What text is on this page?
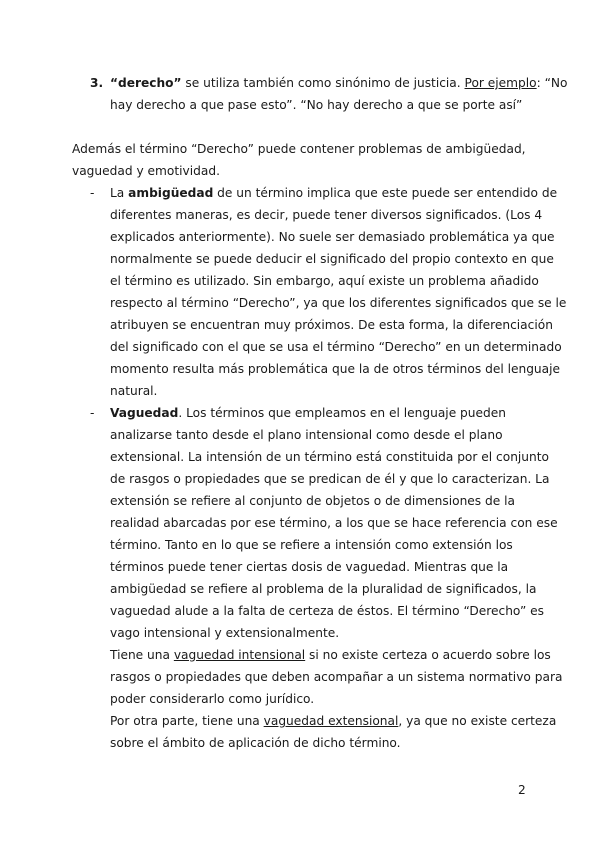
3. “derecho” se utiliza también como sinónimo de justicia. Por ejemplo: “No
hay derecho a que pase esto”. “No hay derecho a que se porte así”
Además el término “Derecho” puede contener problemas de ambigüedad,
vaguedad y emotividad.
-	La ambigüedad de un término implica que este puede ser entendido de
diferentes maneras, es decir, puede tener diversos significados. (Los 4
explicados anteriormente). No suele ser demasiado problemática ya que
normalmente se puede deducir el significado del propio contexto en que
el término es utilizado. Sin embargo, aquí existe un problema añadido
respecto al término “Derecho”, ya que los diferentes significados que se le
atribuyen se encuentran muy próximos. De esta forma, la diferenciación
del significado con el que se usa el término “Derecho” en un determinado
momento resulta más problemática que la de otros términos del lenguaje
natural.
-	Vaguedad. Los términos que empleamos en el lenguaje pueden
analizarse tanto desde el plano intensional como desde el plano
extensional. La intensión de un término está constituida por el conjunto
de rasgos o propiedades que se predican de él y que lo caracterizan. La
extensión se refiere al conjunto de objetos o de dimensiones de la
realidad abarcadas por ese término, a los que se hace referencia con ese
término. Tanto en lo que se refiere a intensión como extensión los
términos puede tener ciertas dosis de vaguedad. Mientras que la
ambigüedad se refiere al problema de la pluralidad de significados, la
vaguedad alude a la falta de certeza de éstos. El término “Derecho” es
vago intensional y extensionalmente.
Tiene una vaguedad intensional si no existe certeza o acuerdo sobre los
rasgos o propiedades que deben acompañar a un sistema normativo para
poder considerarlo como jurídico.
Por otra parte, tiene una vaguedad extensional, ya que no existe certeza
sobre el ámbito de aplicación de dicho término.
2
